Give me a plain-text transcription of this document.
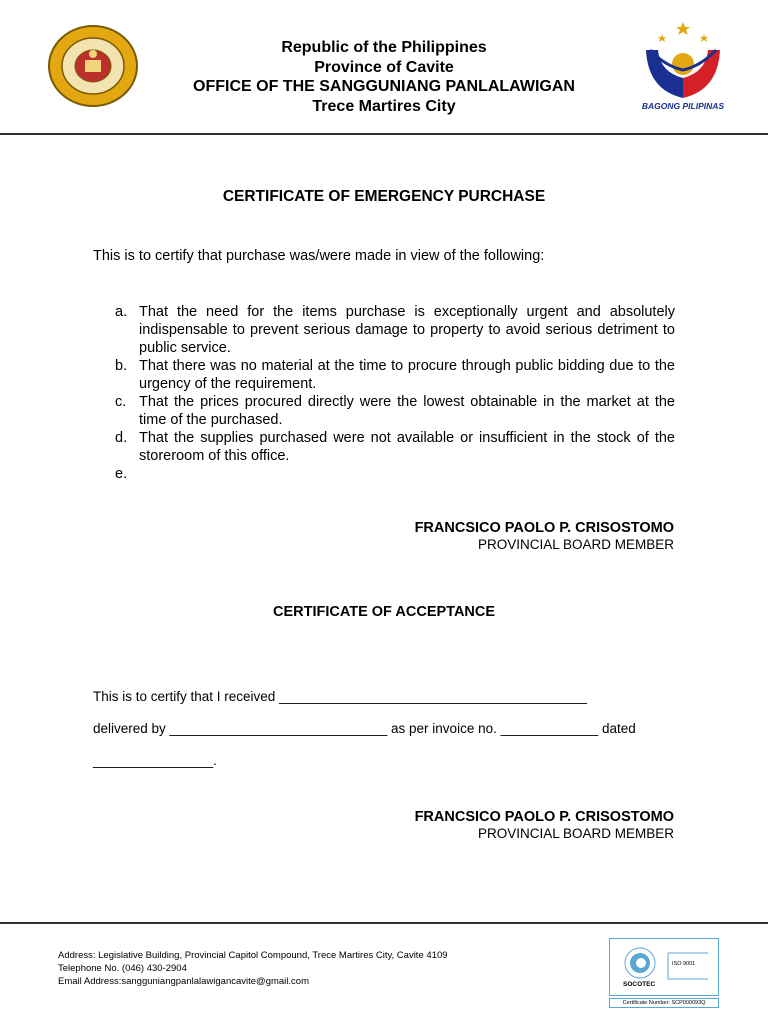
Republic of the Philippines
Province of Cavite
OFFICE OF THE SANGGUNIANG PANLALAWIGAN
Trece Martires City	BAGONG PILIPINAS
CERTIFICATE OF EMERGENCY PURCHASE
This is to certify that purchase was/were made in view of the following:
a. That the need for the items purchase is exceptionally urgent and absolutely indispensable to prevent serious damage to property to avoid serious detriment to public service.
b. That there was no material at the time to procure through public bidding due to the urgency of the requirement.
c. That the prices procured directly were the lowest obtainable in the market at the time of the purchased.
d. That the supplies purchased were not available or insufficient in the stock of the storeroom of this office.
e.
FRANCSICO PAOLO P. CRISOSTOMO
PROVINCIAL BOARD MEMBER
CERTIFICATE OF ACCEPTANCE
This is to certify that I received _________________________________________
delivered by _____________________________ as per invoice no. _____________ dated
________________.
FRANCSICO PAOLO P. CRISOSTOMO
PROVINCIAL BOARD MEMBER
Address: Legislative Building, Provincial Capitol Compound, Trece Martires City, Cavite 4109
Telephone No. (046) 430-2904
Email Address:sangguniangpanlalawigancavite@gmail.com
ISO 9001
SOCOTEC
Certificate Number: SCP000093Q
